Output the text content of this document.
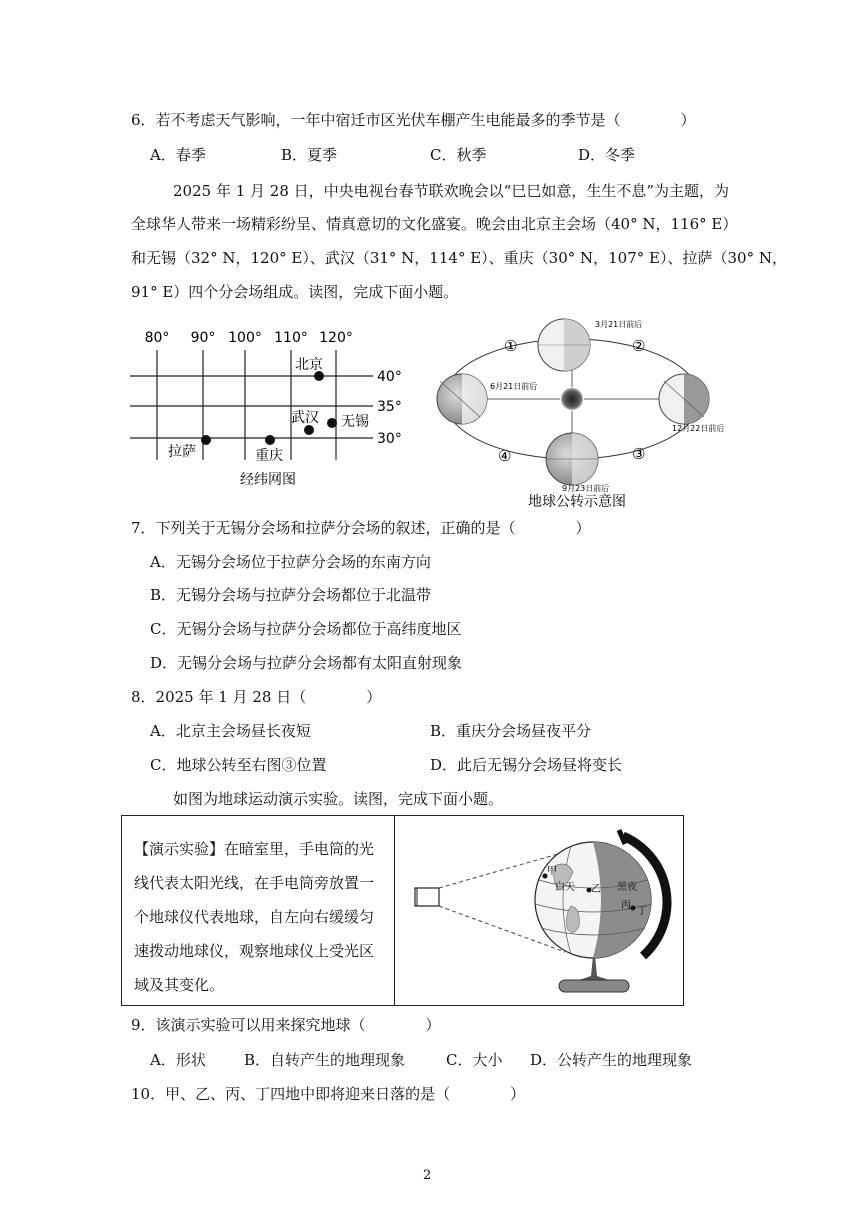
6．若不考虑天气影响，一年中宿迁市区光伏车棚产生电能最多的季节是（　　　　）
A．春季	B．夏季	C．秋季	D．冬季
2025 年 1 月 28 日，中央电视台春节联欢晚会以“巳巳如意，生生不息”为主题，为
全球华人带来一场精彩纷呈、情真意切的文化盛宴。晚会由北京主会场（40° N，116° E）
和无锡（32° N，120° E）、武汉（31° N，114° E）、重庆（30° N，107° E）、拉萨（30° N，
91° E）四个分会场组成。读图，完成下面小题。
80° 90° 100° 110° 120°
40°
35°
30°
北京
武汉 无锡
拉萨	重庆
经纬网图
3月21日前后
6月21日前后
12月22日前后
9月23日前后
①	②
③
④
地球公转示意图
7．下列关于无锡分会场和拉萨分会场的叙述，正确的是（　　　　）
A．无锡分会场位于拉萨分会场的东南方向
B．无锡分会场与拉萨分会场都位于北温带
C．无锡分会场与拉萨分会场都位于高纬度地区
D．无锡分会场与拉萨分会场都有太阳直射现象
8．2025 年 1 月 28 日（　　　　）
A．北京主会场昼长夜短	B．重庆分会场昼夜平分
C．地球公转至右图③位置	D．此后无锡分会场昼将变长
如图为地球运动演示实验。读图，完成下面小题。
【演示实验】在暗室里，手电筒的光线代表太阳光线，在手电筒旁放置一个地球仪代表地球，自左向右缓缓匀速拨动地球仪，观察地球仪上受光区域及其变化。
甲
白天 乙 黑夜
丙
丁
9．该演示实验可以用来探究地球（　　　　）
A．形状	B．自转产生的地理现象	C．大小 D．公转产生的地理现象
10．甲、乙、丙、丁四地中即将迎来日落的是（　　　　）
2
